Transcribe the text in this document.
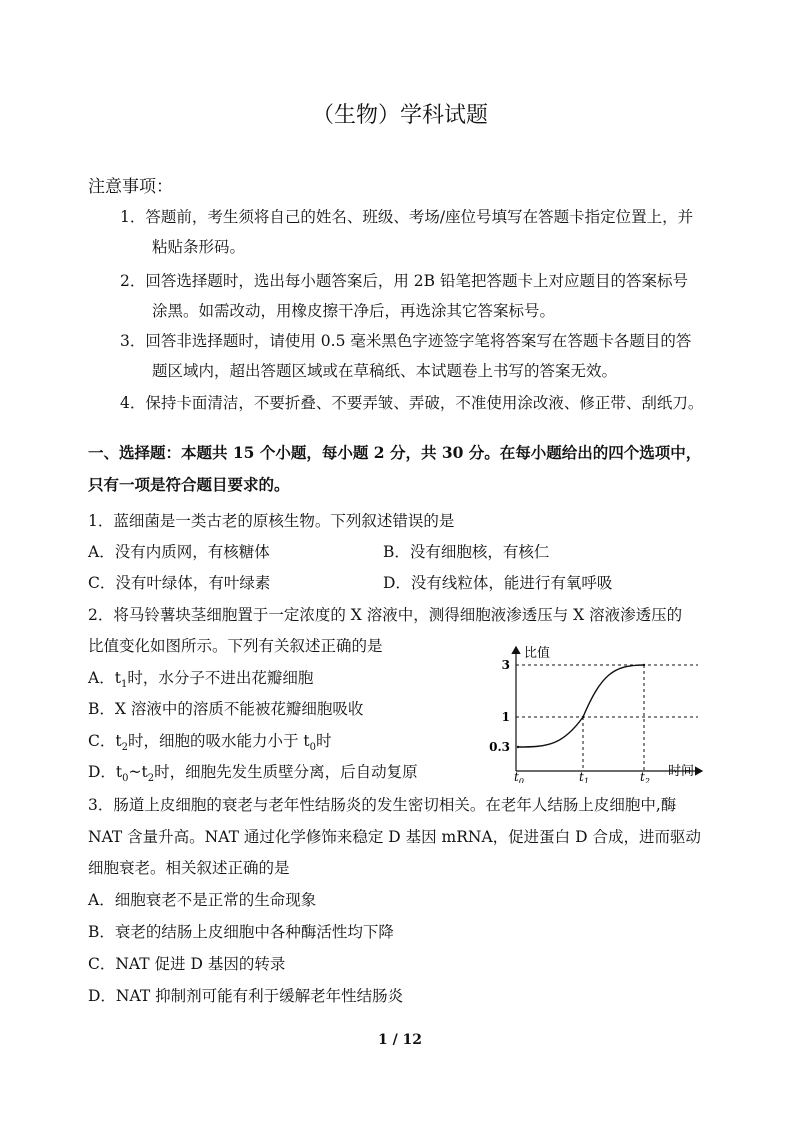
（生物）学科试题
注意事项：
1．答题前，考生须将自己的姓名、班级、考场/座位号填写在答题卡指定位置上，并
粘贴条形码。
2．回答选择题时，选出每小题答案后，用 2B 铅笔把答题卡上对应题目的答案标号
涂黑。如需改动，用橡皮擦干净后，再选涂其它答案标号。
3．回答非选择题时，请使用 0.5 毫米黑色字迹签字笔将答案写在答题卡各题目的答
题区域内，超出答题区域或在草稿纸、本试题卷上书写的答案无效。
4．保持卡面清洁，不要折叠、不要弄皱、弄破，不准使用涂改液、修正带、刮纸刀。
一、选择题：本题共 15 个小题，每小题 2 分，共 30 分。在每小题给出的四个选项中，
只有一项是符合题目要求的。
1．蓝细菌是一类古老的原核生物。下列叙述错误的是
A．没有内质网，有核糖体	B．没有细胞核，有核仁
C．没有叶绿体，有叶绿素	D．没有线粒体，能进行有氧呼吸
2．将马铃薯块茎细胞置于一定浓度的 X 溶液中，测得细胞液渗透压与 X 溶液渗透压的
比值变化如图所示。下列有关叙述正确的是
A．$t_1$时，水分子不进出花瓣细胞
B．X 溶液中的溶质不能被花瓣细胞吸收
C．$t_2$时，细胞的吸水能力小于 $t_0$时
D．$t_0\sim t_2$时，细胞先发生质壁分离，后自动复原
比值
时间
3
1
0.3
$t_0$	$t_1$	$t_2$
3．肠道上皮细胞的衰老与老年性结肠炎的发生密切相关。在老年人结肠上皮细胞中,酶
NAT 含量升高。NAT 通过化学修饰来稳定 D 基因 mRNA，促进蛋白 D 合成，进而驱动
细胞衰老。相关叙述正确的是
A．细胞衰老不是正常的生命现象
B．衰老的结肠上皮细胞中各种酶活性均下降
C．NAT 促进 D 基因的转录
D．NAT 抑制剂可能有利于缓解老年性结肠炎
1 / 12
